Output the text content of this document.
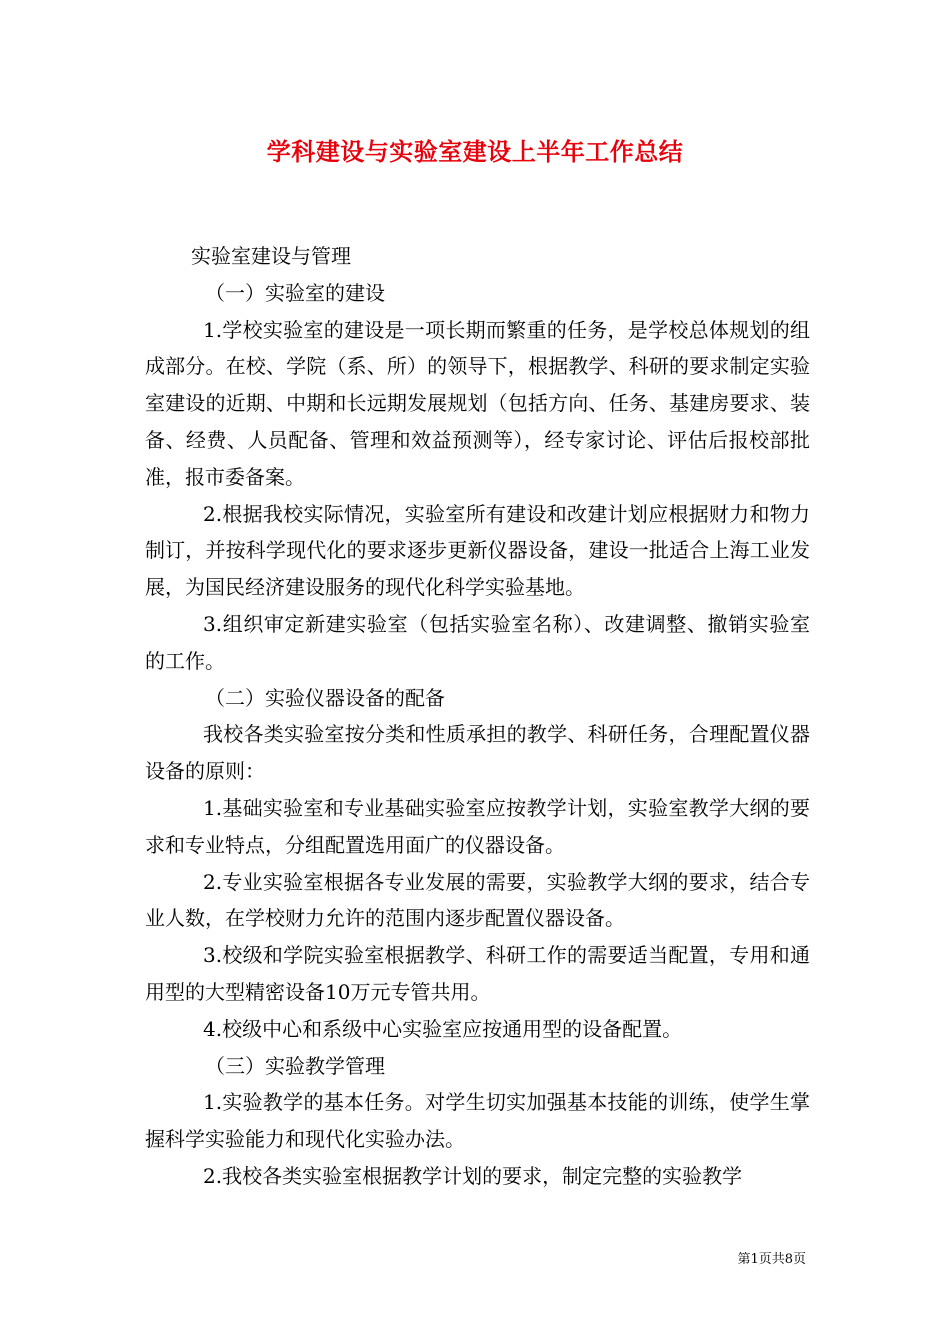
学科建设与实验室建设上半年工作总结

实验室建设与管理

（一）实验室的建设

1.学校实验室的建设是一项长期而繁重的任务，是学校总体规划的组成部分。在校、学院（系、所）的领导下，根据教学、科研的要求制定实验室建设的近期、中期和长远期发展规划（包括方向、任务、基建房要求、装备、经费、人员配备、管理和效益预测等），经专家讨论、评估后报校部批准，报市委备案。

2.根据我校实际情况，实验室所有建设和改建计划应根据财力和物力制订，并按科学现代化的要求逐步更新仪器设备，建设一批适合上海工业发展，为国民经济建设服务的现代化科学实验基地。

3.组织审定新建实验室（包括实验室名称）、改建调整、撤销实验室的工作。

（二）实验仪器设备的配备

我校各类实验室按分类和性质承担的教学、科研任务，合理配置仪器设备的原则：

1.基础实验室和专业基础实验室应按教学计划，实验室教学大纲的要求和专业特点，分组配置选用面广的仪器设备。

2.专业实验室根据各专业发展的需要，实验教学大纲的要求，结合专业人数，在学校财力允许的范围内逐步配置仪器设备。

3.校级和学院实验室根据教学、科研工作的需要适当配置，专用和通用型的大型精密设备10万元专管共用。

4.校级中心和系级中心实验室应按通用型的设备配置。

（三）实验教学管理

1.实验教学的基本任务。对学生切实加强基本技能的训练，使学生掌握科学实验能力和现代化实验办法。

2.我校各类实验室根据教学计划的要求，制定完整的实验教学

第1页共8页
